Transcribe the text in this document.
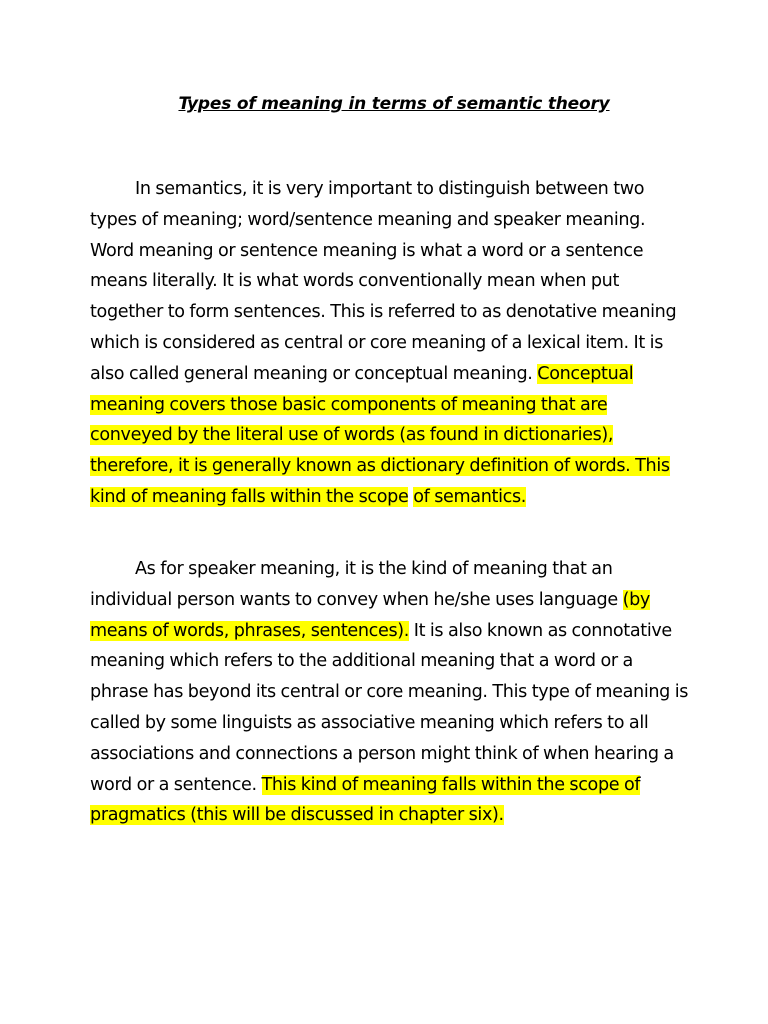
Types of meaning in terms of semantic theory

In semantics, it is very important to distinguish between two types of meaning; word/sentence meaning and speaker meaning. Word meaning or sentence meaning is what a word or a sentence means literally. It is what words conventionally mean when put together to form sentences. This is referred to as denotative meaning which is considered as central or core meaning of a lexical item. It is also called general meaning or conceptual meaning. Conceptual meaning covers those basic components of meaning that are conveyed by the literal use of words (as found in dictionaries), therefore, it is generally known as dictionary definition of words. This kind of meaning falls within the scope of semantics.

As for speaker meaning, it is the kind of meaning that an individual person wants to convey when he/she uses language (by means of words, phrases, sentences). It is also known as connotative meaning which refers to the additional meaning that a word or a phrase has beyond its central or core meaning. This type of meaning is called by some linguists as associative meaning which refers to all associations and connections a person might think of when hearing a word or a sentence. This kind of meaning falls within the scope of pragmatics (this will be discussed in chapter six).
